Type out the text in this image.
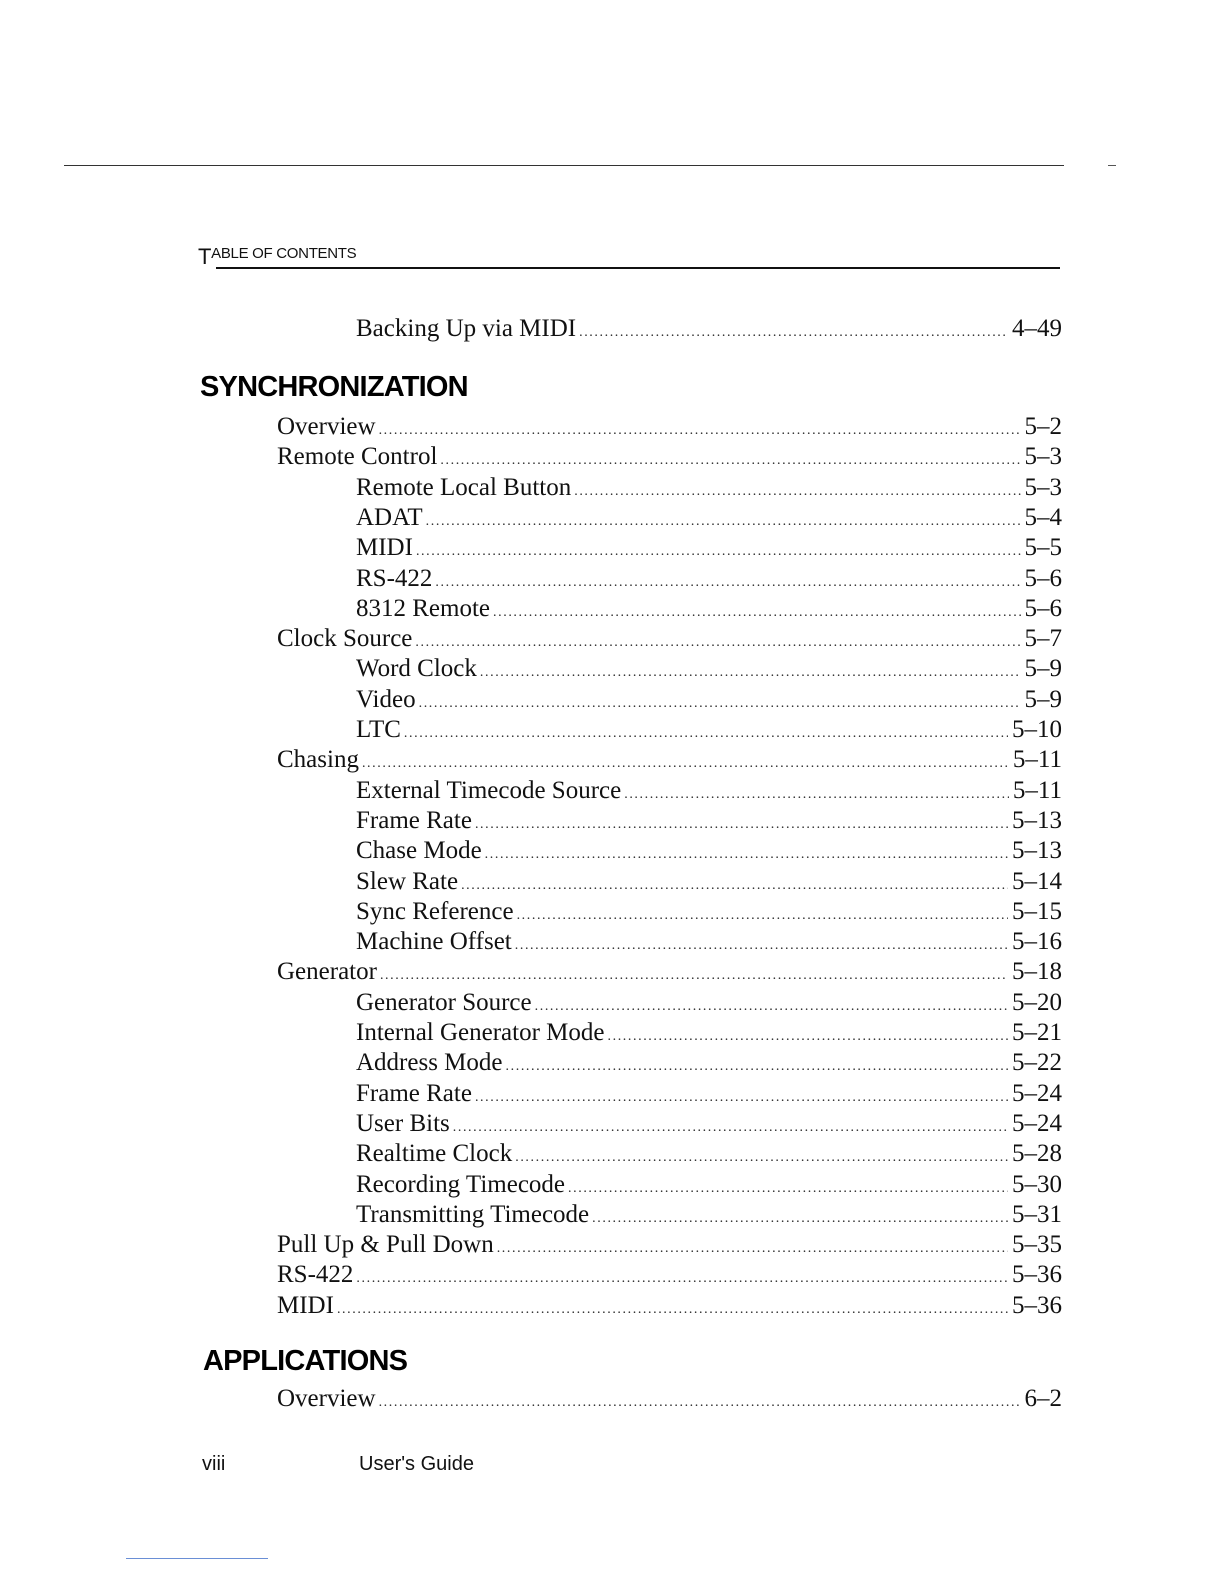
TABLE OF CONTENTS
Backing Up via MIDI .....	4–49
SYNCHRONIZATION
Overview .....	5–2
Remote Control .....	5–3
Remote Local Button .....	5–3
ADAT .....	5–4
MIDI .....	5–5
RS-422 .....	5–6
8312 Remote .....	5–6
Clock Source .....	5–7
Word Clock .....	5–9
Video .....	5–9
LTC .....	5–10
Chasing .....	5–11
External Timecode Source .....	5–11
Frame Rate .....	5–13
Chase Mode .....	5–13
Slew Rate .....	5–14
Sync Reference .....	5–15
Machine Offset .....	5–16
Generator .....	5–18
Generator Source .....	5–20
Internal Generator Mode .....	5–21
Address Mode .....	5–22
Frame Rate .....	5–24
User Bits .....	5–24
Realtime Clock .....	5–28
Recording Timecode .....	5–30
Transmitting Timecode .....	5–31
Pull Up & Pull Down .....	5–35
RS-422 .....	5–36
MIDI .....	5–36
APPLICATIONS
Overview .....	6–2
viii	User's Guide
